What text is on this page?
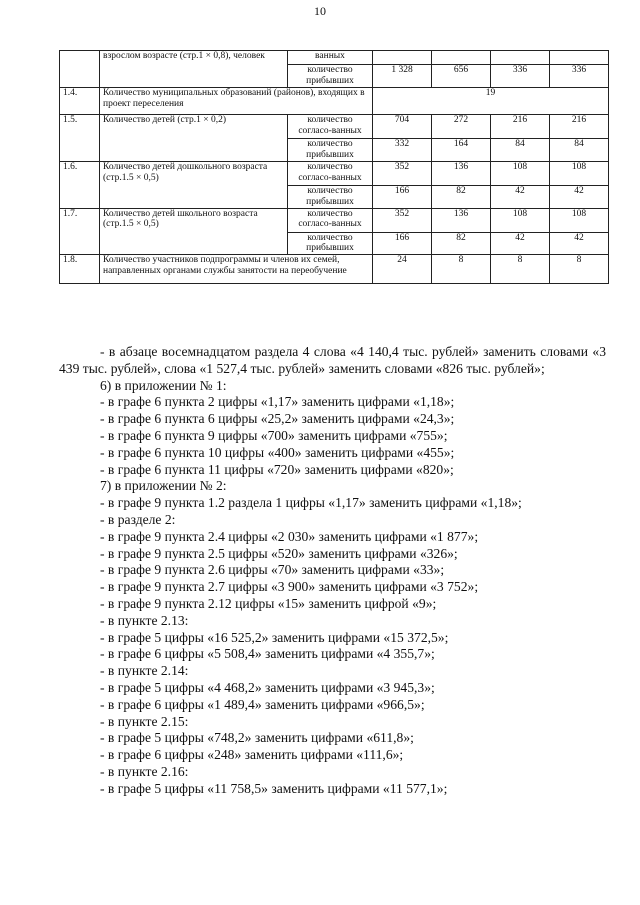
10
	взрослом возрасте (стр.1 × 0,8), человек	ванных				
		количество прибывших	1 328	656	336	336
1.4.	Количество муниципальных образований (районов), входящих в проект переселения		19			
1.5.	Количество детей (стр.1 × 0,2)	количество согласо-ванных	704	272	216	216
		количество прибывших	332	164	84	84
1.6.	Количество детей дошкольного возраста (стр.1.5 × 0,5)	количество согласо-ванных	352	136	108	108
		количество прибывших	166	82	42	42
1.7.	Количество детей школьного возраста (стр.1.5 × 0,5)	количество согласо-ванных	352	136	108	108
		количество прибывших	166	82	42	42
1.8.	Количество участников подпрограммы и членов их семей, направленных органами службы занятости на переобучение		24	8	8	8
- в абзаце восемнадцатом раздела 4 слова «4 140,4 тыс. рублей» заменить словами «3 439 тыс. рублей», слова «1 527,4 тыс. рублей» заменить словами «826 тыс. рублей»;
6) в приложении № 1:
- в графе 6 пункта 2 цифры «1,17» заменить цифрами «1,18»;
- в графе 6 пункта 6 цифры «25,2» заменить цифрами «24,3»;
- в графе 6 пункта 9 цифры «700» заменить цифрами «755»;
- в графе 6 пункта 10 цифры «400» заменить цифрами «455»;
- в графе 6 пункта 11 цифры «720» заменить цифрами «820»;
7) в приложении № 2:
- в графе 9 пункта 1.2 раздела 1 цифры «1,17» заменить цифрами «1,18»;
- в разделе 2:
- в графе 9 пункта 2.4 цифры «2 030» заменить цифрами «1 877»;
- в графе 9 пункта 2.5 цифры «520» заменить цифрами «326»;
- в графе 9 пункта 2.6 цифры «70» заменить цифрами «33»;
- в графе 9 пункта 2.7 цифры «3 900» заменить цифрами «3 752»;
- в графе 9 пункта 2.12 цифры «15» заменить цифрой «9»;
- в пункте 2.13:
- в графе 5 цифры «16 525,2» заменить цифрами «15 372,5»;
- в графе 6 цифры «5 508,4» заменить цифрами «4 355,7»;
- в пункте 2.14:
- в графе 5 цифры «4 468,2» заменить цифрами «3 945,3»;
- в графе 6 цифры «1 489,4» заменить цифрами «966,5»;
- в пункте 2.15:
- в графе 5 цифры «748,2» заменить цифрами «611,8»;
- в графе 6 цифры «248» заменить цифрами «111,6»;
- в пункте 2.16:
- в графе 5 цифры «11 758,5» заменить цифрами «11 577,1»;
